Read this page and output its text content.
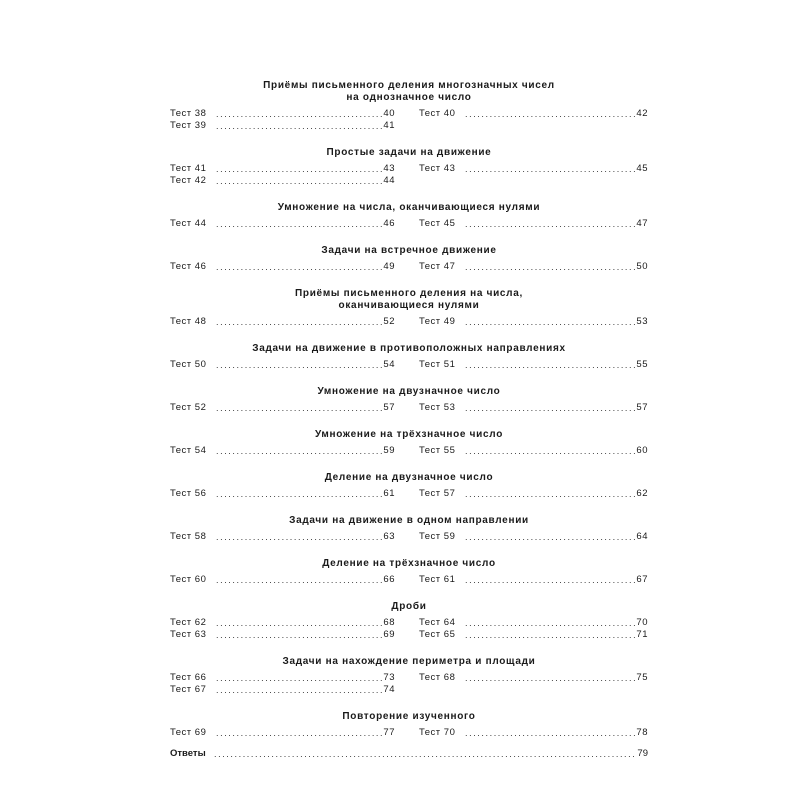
Приёмы письменного деления многозначных чисел
на однозначное число
Тест 38 .....	40	Тест 40 .....	42
Тест 39 .....	41
Простые задачи на движение
Тест 41 .....	43	Тест 43 .....	45
Тест 42 .....	44
Умножение на числа, оканчивающиеся нулями
Тест 44 .....	46	Тест 45 .....	47
Задачи на встречное движение
Тест 46 .....	49	Тест 47 .....	50
Приёмы письменного деления на числа,
оканчивающиеся нулями
Тест 48 .....	52	Тест 49 .....	53
Задачи на движение в противоположных направлениях
Тест 50 .....	54	Тест 51 .....	55
Умножение на двузначное число
Тест 52 .....	57	Тест 53 .....	57
Умножение на трёхзначное число
Тест 54 .....	59	Тест 55 .....	60
Деление на двузначное число
Тест 56 .....	61	Тест 57 .....	62
Задачи на движение в одном направлении
Тест 58 .....	63	Тест 59 .....	64
Деление на трёхзначное число
Тест 60 .....	66	Тест 61 .....	67
Дроби
Тест 62 .....	68	Тест 64 .....	70
Тест 63 .....	69	Тест 65 .....	71
Задачи на нахождение периметра и площади
Тест 66 .....	73	Тест 68 .....	75
Тест 67 .....	74
Повторение изученного
Тест 69 .....	77	Тест 70 .....	78
Ответы .....	79
